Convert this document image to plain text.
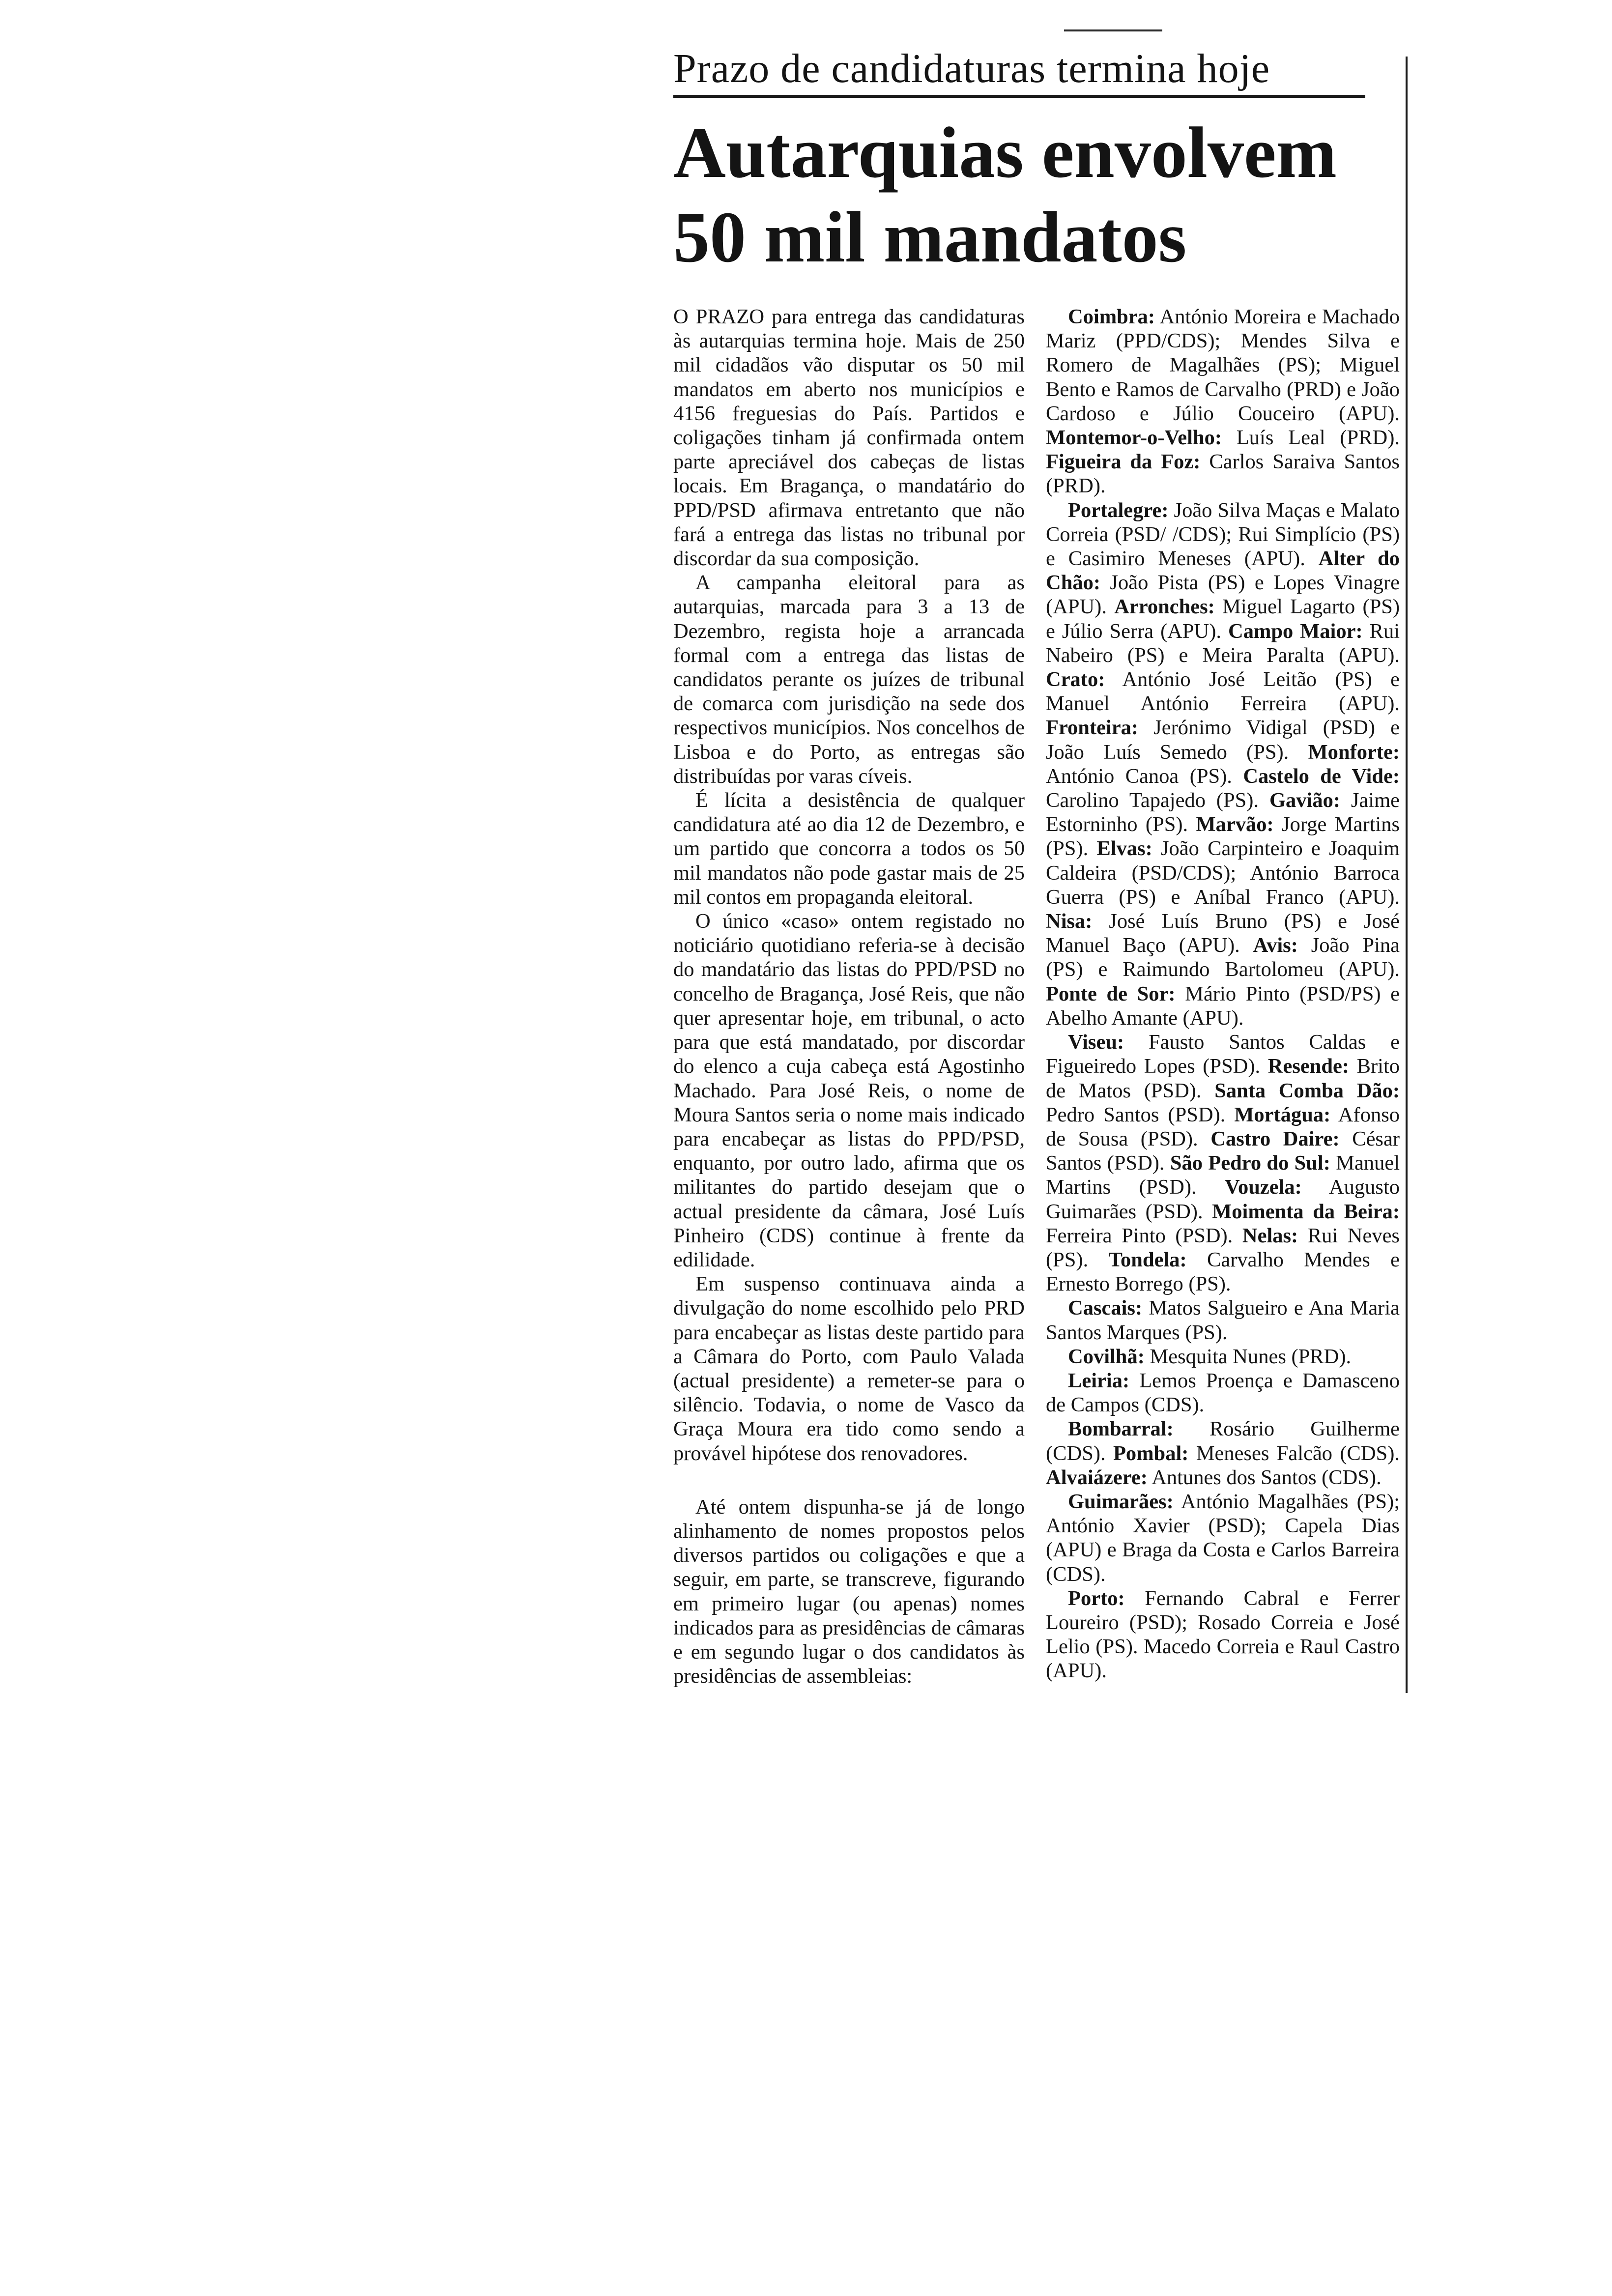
Prazo de candidaturas termina hoje
Autarquias envolvem
50 mil mandatos

O PRAZO para entrega das candidaturas às autarquias termina hoje. Mais de 250 mil cidadãos vão disputar os 50 mil mandatos em aberto nos municípios e 4156 freguesias do País. Partidos e coligações tinham já confirmada ontem parte apreciável dos cabeças de listas locais. Em Bragança, o mandatário do PPD/PSD afirmava entretanto que não fará a entrega das listas no tribunal por discordar da sua composição.

A campanha eleitoral para as autarquias, marcada para 3 a 13 de Dezembro, regista hoje a arrancada formal com a entrega das listas de candidatos perante os juízes de tribunal de comarca com jurisdição na sede dos respectivos municípios. Nos concelhos de Lisboa e do Porto, as entregas são distribuídas por varas cíveis.

É lícita a desistência de qualquer candidatura até ao dia 12 de Dezembro, e um partido que concorra a todos os 50 mil mandatos não pode gastar mais de 25 mil contos em propaganda eleitoral.

O único «caso» ontem registado no noticiário quotidiano referia-se à decisão do mandatário das listas do PPD/PSD no concelho de Bragança, José Reis, que não quer apresentar hoje, em tribunal, o acto para que está mandatado, por discordar do elenco a cuja cabeça está Agostinho Machado. Para José Reis, o nome de Moura Santos seria o nome mais indicado para encabeçar as listas do PPD/PSD, enquanto, por outro lado, afirma que os militantes do partido desejam que o actual presidente da câmara, José Luís Pinheiro (CDS) continue à frente da edilidade.

Em suspenso continuava ainda a divulgação do nome escolhido pelo PRD para encabeçar as listas deste partido para a Câmara do Porto, com Paulo Valada (actual presidente) a remeter-se para o silêncio. Todavia, o nome de Vasco da Graça Moura era tido como sendo a provável hipótese dos renovadores.

Até ontem dispunha-se já de longo alinhamento de nomes propostos pelos diversos partidos ou coligações e que a seguir, em parte, se transcreve, figurando em primeiro lugar (ou apenas) nomes indicados para as presidências de câmaras e em segundo lugar o dos candidatos às presidências de assembleias:

Coimbra: António Moreira e Machado Mariz (PPD/CDS); Mendes Silva e Romero de Magalhães (PS); Miguel Bento e Ramos de Carvalho (PRD) e João Cardoso e Júlio Couceiro (APU). Montemor-o-Velho: Luís Leal (PRD). Figueira da Foz: Carlos Saraiva Santos (PRD).

Portalegre: João Silva Maças e Malato Correia (PSD/ /CDS); Rui Simplício (PS) e Casimiro Meneses (APU). Alter do Chão: João Pista (PS) e Lopes Vinagre (APU). Arronches: Miguel Lagarto (PS) e Júlio Serra (APU). Campo Maior: Rui Nabeiro (PS) e Meira Paralta (APU). Crato: António José Leitão (PS) e Manuel António Ferreira (APU). Fronteira: Jerónimo Vidigal (PSD) e João Luís Semedo (PS). Monforte: António Canoa (PS). Castelo de Vide: Carolino Tapajedo (PS). Gavião: Jaime Estorninho (PS). Marvão: Jorge Martins (PS). Elvas: João Carpinteiro e Joaquim Caldeira (PSD/CDS); António Barroca Guerra (PS) e Aníbal Franco (APU). Nisa: José Luís Bruno (PS) e José Manuel Baço (APU). Avis: João Pina (PS) e Raimundo Bartolomeu (APU). Ponte de Sor: Mário Pinto (PSD/PS) e Abelho Amante (APU).

Viseu: Fausto Santos Caldas e Figueiredo Lopes (PSD). Resende: Brito de Matos (PSD). Santa Comba Dão: Pedro Santos (PSD). Mortágua: Afonso de Sousa (PSD). Castro Daire: César Santos (PSD). São Pedro do Sul: Manuel Martins (PSD). Vouzela: Augusto Guimarães (PSD). Moimenta da Beira: Ferreira Pinto (PSD). Nelas: Rui Neves (PS). Tondela: Carvalho Mendes e Ernesto Borrego (PS).

Cascais: Matos Salgueiro e Ana Maria Santos Marques (PS).

Covilhã: Mesquita Nunes (PRD).

Leiria: Lemos Proença e Damasceno de Campos (CDS).

Bombarral: Rosário Guilherme (CDS). Pombal: Meneses Falcão (CDS). Alvaiázere: Antunes dos Santos (CDS).

Guimarães: António Magalhães (PS); António Xavier (PSD); Capela Dias (APU) e Braga da Costa e Carlos Barreira (CDS).

Porto: Fernando Cabral e Ferrer Loureiro (PSD); Rosado Correia e José Lelio (PS). Macedo Correia e Raul Castro (APU).
